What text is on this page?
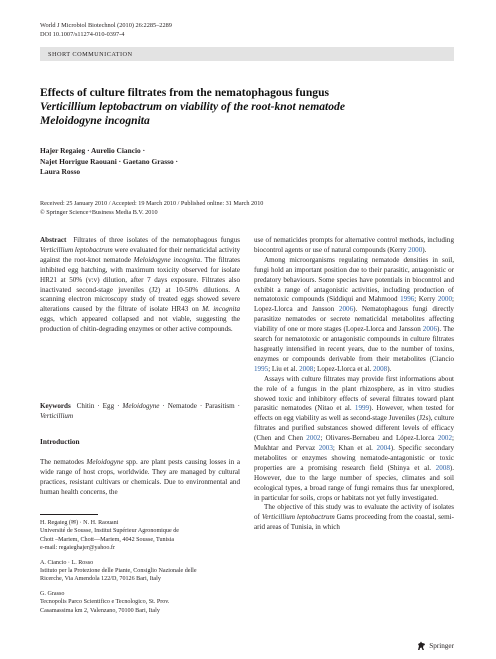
World J Microbiol Biotechnol (2010) 26:2285–2289
DOI 10.1007/s11274-010-0397-4
SHORT COMMUNICATION
Effects of culture filtrates from the nematophagous fungus
Verticillium leptobactrum on viability of the root-knot nematode
Meloidogyne incognita
Hajer Regaieg · Aurelio Ciancio ·
Najet Horrigue Raouani · Gaetano Grasso ·
Laura Rosso
Received: 25 January 2010 / Accepted: 19 March 2010 / Published online: 31 March 2010
© Springer Science+Business Media B.V. 2010

Abstract Filtrates of three isolates of the nematophagous fungus Verticillium leptobactrum were evaluated for their nematicidal activity against the root-knot nematode Meloidogyne incognita. The filtrates inhibited egg hatching, with maximum toxicity observed for isolate HR21 at 50% (v:v) dilution, after 7 days exposure. Filtrates also inactivated second-stage juveniles (J2) at 10-50% dilutions. A scanning electron microscopy study of treated eggs showed severe alterations caused by the filtrate of isolate HR43 on M. incognita eggs, which appeared collapsed and not viable, suggesting the production of chitin-degrading enzymes or other active compounds.

Keywords Chitin · Egg · Meloidogyne · Nematode · Parasitism · Verticillium

Introduction

The nematodes Meloidogyne spp. are plant pests causing losses in a wide range of host crops, worldwide. They are managed by cultural practices, resistant cultivars or chemicals. Due to environmental and human health concerns, the

H. Regaieg (✉) · N. H. Raouani
Université de Sousse, Institut Supérieur Agronomique de
Chott –Mariem, Chott—Mariem, 4042 Sousse, Tunisia
e-mail: regaieghajer@yahoo.fr
A. Ciancio · L. Rosso
Istituto per la Protezione delle Piante, Consiglio Nazionale delle
Ricerche, Via Amendola 122/D, 70126 Bari, Italy
G. Grasso
Tecnopolis Parco Scientifico e Tecnologico, St. Prov.
Casamassima km 2, Valenzano, 70100 Bari, Italy

use of nematicides prompts for alternative control methods, including biocontrol agents or use of natural compounds (Kerry 2000).

Among microorganisms regulating nematode densities in soil, fungi hold an important position due to their parasitic, antagonistic or predatory behaviours. Some species have potentials in biocontrol and exhibit a range of antagonistic activities, including production of nematotoxic compounds (Siddiqui and Mahmood 1996; Kerry 2000; Lopez-Llorca and Jansson 2006). Nematophagous fungi directly parasitize nematodes or secrete nematicidal metabolites affecting viability of one or more stages (Lopez-Llorca and Jansson 2006). The search for nematotoxic or antagonistic compounds in culture filtrates hasgreatly intensified in recent years, due to the number of toxins, enzymes or compounds derivable from their metabolites (Ciancio 1995; Liu et al. 2008; Lopez-Llorca et al. 2008).

Assays with culture filtrates may provide first informations about the role of a fungus in the plant rhizosphere, as in vitro studies showed toxic and inhibitory effects of several filtrates toward plant parasitic nematodes (Nitao et al. 1999). However, when tested for effects on egg viability as well as second-stage Juveniles (J2s), culture filtrates and purified substances showed different levels of efficacy (Chen and Chen 2002; Olivares-Bernabeu and López-Llorca 2002; Mukhtar and Pervaz 2003; Khan et al. 2004). Specific secondary metabolites or enzymes showing nematode-antagonistic or toxic properties are a promising research field (Shinya et al. 2008). However, due to the large number of species, climates and soil ecological types, a broad range of fungi remains thus far unexplored, in particular for soils, crops or habitats not yet fully investigated.

The objective of this study was to evaluate the activity of isolates of Verticillium leptobactrum Gams proceeding from the coastal, semi-arid areas of Tunisia, in which

Springer
